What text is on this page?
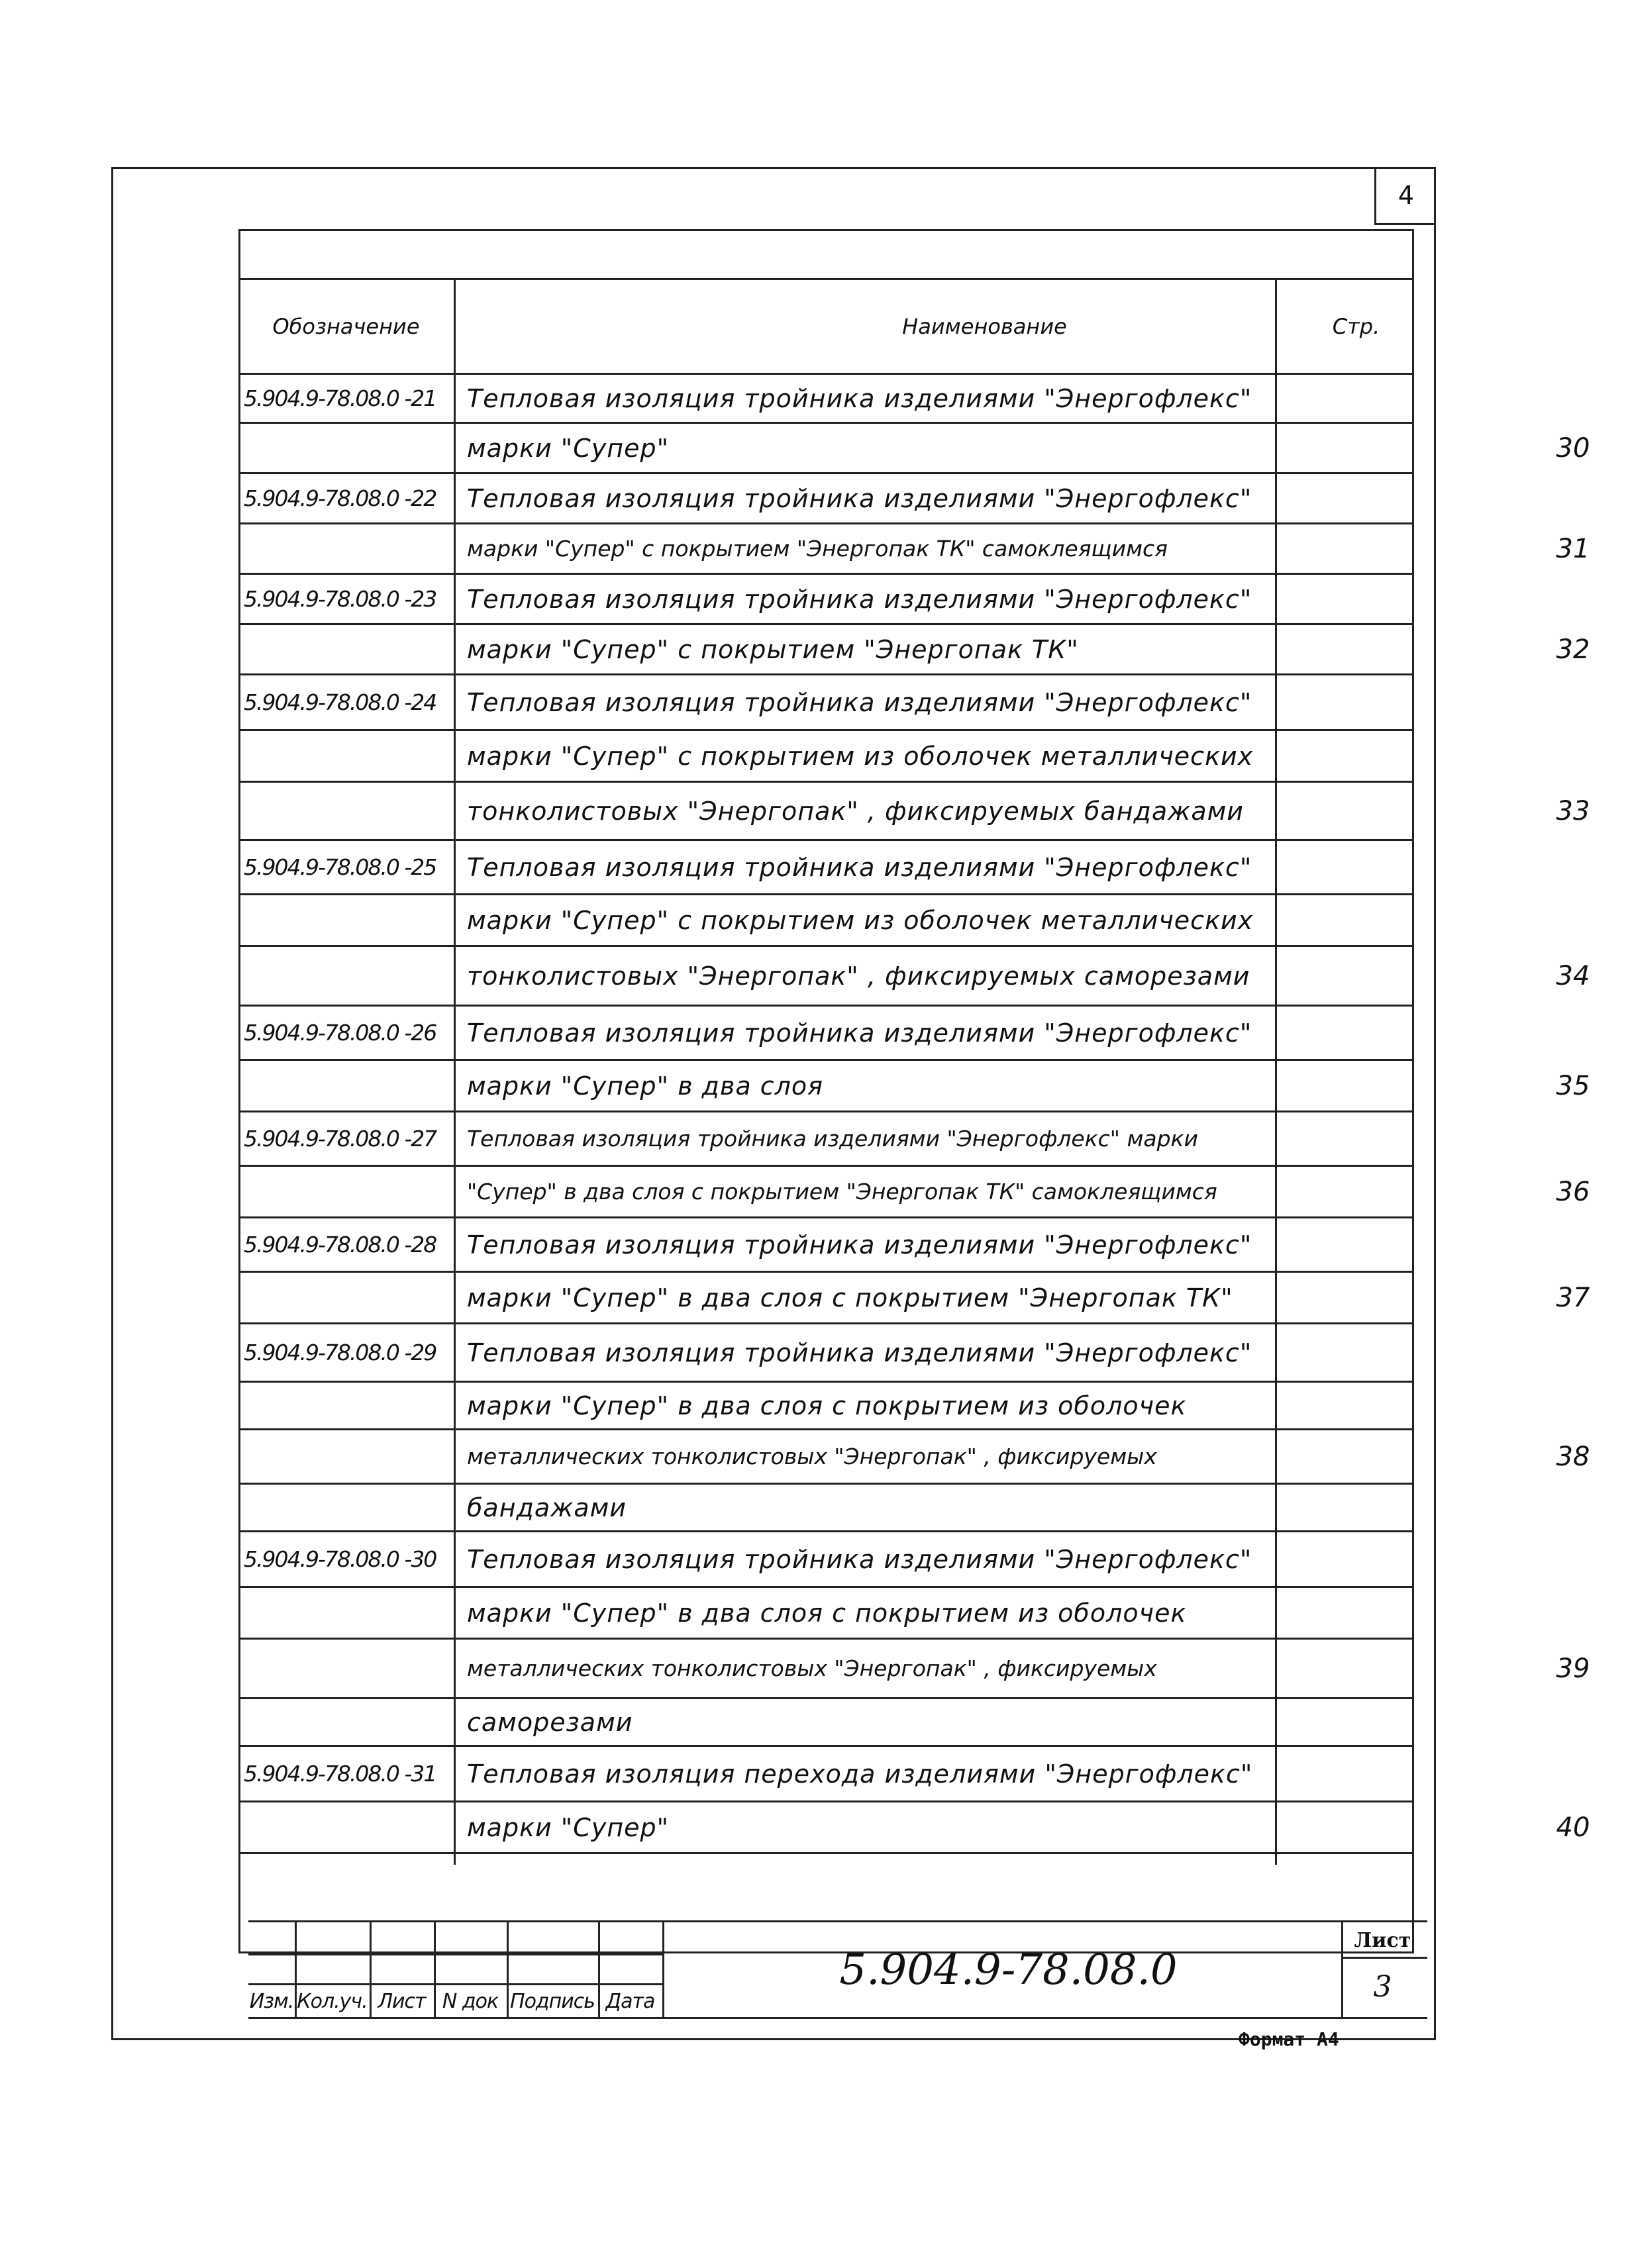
4
Обозначение	Наименование	Стр.
5.904.9-78.08.0 -21	Тепловая изоляция тройника изделиями "Энергофлекс"
марки "Супер"	30
5.904.9-78.08.0 -22	Тепловая изоляция тройника изделиями "Энергофлекс"
марки "Супер" с покрытием "Энергопак ТК" самоклеящимся	31
5.904.9-78.08.0 -23	Тепловая изоляция тройника изделиями "Энергофлекс"
марки "Супер" с покрытием "Энергопак ТК"	32
5.904.9-78.08.0 -24	Тепловая изоляция тройника изделиями "Энергофлекс"
марки "Супер" с покрытием из оболочек металлических
тонколистовых "Энергопак" , фиксируемых бандажами	33
5.904.9-78.08.0 -25	Тепловая изоляция тройника изделиями "Энергофлекс"
марки "Супер" с покрытием из оболочек металлических
тонколистовых "Энергопак" , фиксируемых саморезами	34
5.904.9-78.08.0 -26	Тепловая изоляция тройника изделиями "Энергофлекс"
марки "Супер" в два слоя	35
5.904.9-78.08.0 -27	Тепловая изоляция тройника изделиями "Энергофлекс" марки
"Супер" в два слоя с покрытием "Энергопак ТК" самоклеящимся	36
5.904.9-78.08.0 -28	Тепловая изоляция тройника изделиями "Энергофлекс"
марки "Супер" в два слоя с покрытием "Энергопак ТК"	37
5.904.9-78.08.0 -29	Тепловая изоляция тройника изделиями "Энергофлекс"
марки "Супер" в два слоя с покрытием из оболочек
металлических тонколистовых "Энергопак" , фиксируемых	38
бандажами
5.904.9-78.08.0 -30	Тепловая изоляция тройника изделиями "Энергофлекс"
марки "Супер" в два слоя с покрытием из оболочек
металлических тонколистовых "Энергопак" , фиксируемых	39
саморезами
5.904.9-78.08.0 -31	Тепловая изоляция перехода изделиями "Энергофлекс"
марки "Супер"	40
Изм. Кол.уч. Лист N док Подпись Дата
5.904.9-78.08.0
Лист
3
Формат А4
